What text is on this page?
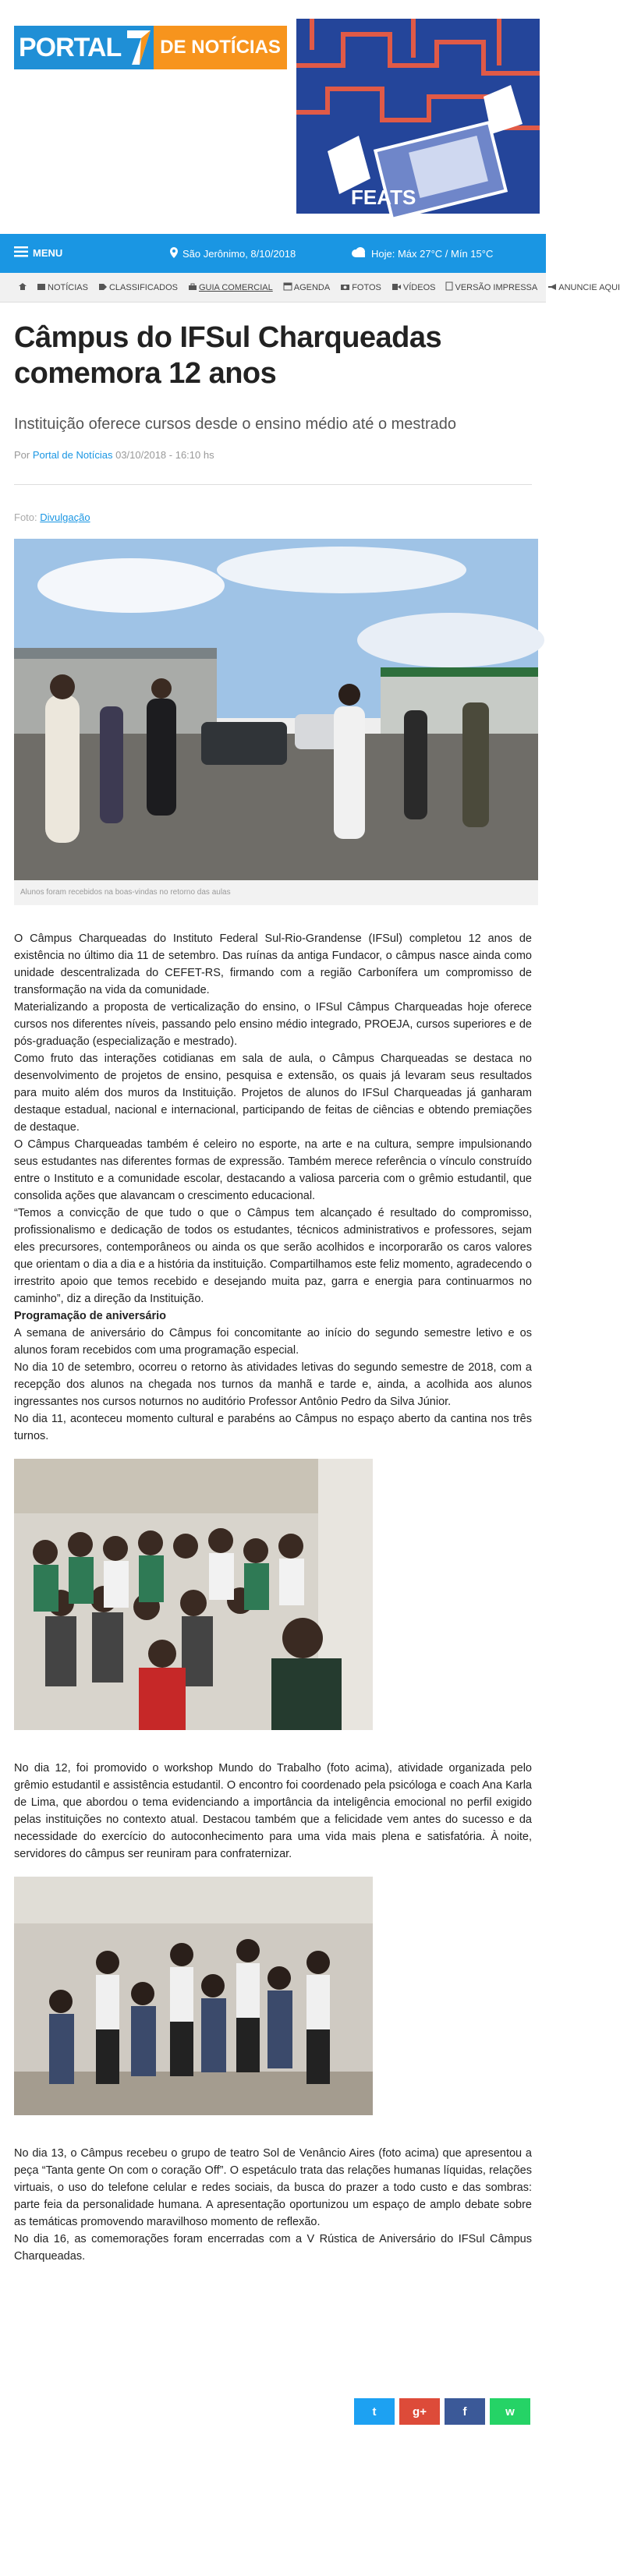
PORTAL	DE NOTÍCIAS
FEATS
MENU	São Jerônimo, 8/10/2018	Hoje: Máx 27°C / Mín 15°C
NOTÍCIAS CLASSIFICADOS GUIA COMERCIAL AGENDA	FOTOS	VÍDEOS VERSÃO IMPRESSA ANUNCIE AQUI
Câmpus do IFSul Charqueadas comemora 12 anos
Instituição oferece cursos desde o ensino médio até o mestrado
Por Portal de Notícias 03/10/2018 - 16:10 hs
Foto: Divulgação
Alunos foram recebidos na boas-vindas no retorno das aulas

O Câmpus Charqueadas do Instituto Federal Sul-Rio-Grandense (IFSul) completou 12 anos de existência no último dia 11 de setembro. Das ruínas da antiga Fundacor, o câmpus nasce ainda como unidade descentralizada do CEFET-RS, firmando com a região Carbonífera um compromisso de transformação na vida da comunidade.

Materializando a proposta de verticalização do ensino, o IFSul Câmpus Charqueadas hoje oferece cursos nos diferentes níveis, passando pelo ensino médio integrado, PROEJA, cursos superiores e de pós-graduação (especialização e mestrado).

Como fruto das interações cotidianas em sala de aula, o Câmpus Charqueadas se destaca no desenvolvimento de projetos de ensino, pesquisa e extensão, os quais já levaram seus resultados para muito além dos muros da Instituição. Projetos de alunos do IFSul Charqueadas já ganharam destaque estadual, nacional e internacional, participando de feitas de ciências e obtendo premiações de destaque.

O Câmpus Charqueadas também é celeiro no esporte, na arte e na cultura, sempre impulsionando seus estudantes nas diferentes formas de expressão. Também merece referência o vínculo construído entre o Instituto e a comunidade escolar, destacando a valiosa parceria com o grêmio estudantil, que consolida ações que alavancam o crescimento educacional.

“Temos a convicção de que tudo o que o Câmpus tem alcançado é resultado do compromisso, profissionalismo e dedicação de todos os estudantes, técnicos administrativos e professores, sejam eles precursores, contemporâneos ou ainda os que serão acolhidos e incorporarão os caros valores que orientam o dia a dia e a história da instituição. Compartilhamos este feliz momento, agradecendo o irrestrito apoio que temos recebido e desejando muita paz, garra e energia para continuarmos no caminho”, diz a direção da Instituição.

Programação de aniversário

A semana de aniversário do Câmpus foi concomitante ao início do segundo semestre letivo e os alunos foram recebidos com uma programação especial.

No dia 10 de setembro, ocorreu o retorno às atividades letivas do segundo semestre de 2018, com a recepção dos alunos na chegada nos turnos da manhã e tarde e, ainda, a acolhida aos alunos ingressantes nos cursos noturnos no auditório Professor Antônio Pedro da Silva Júnior.

No dia 11, aconteceu momento cultural e parabéns ao Câmpus no espaço aberto da cantina nos três turnos.

No dia 12, foi promovido o workshop Mundo do Trabalho (foto acima), atividade organizada pelo grêmio estudantil e assistência estudantil. O encontro foi coordenado pela psicóloga e coach Ana Karla de Lima, que abordou o tema evidenciando a importância da inteligência emocional no perfil exigido pelas instituições no contexto atual. Destacou também que a felicidade vem antes do sucesso e da necessidade do exercício do autoconhecimento para uma vida mais plena e satisfatória. À noite, servidores do câmpus ser reuniram para confraternizar.

No dia 13, o Câmpus recebeu o grupo de teatro Sol de Venâncio Aires (foto acima) que apresentou a peça “Tanta gente On com o coração Off”. O espetáculo trata das relações humanas líquidas, relações virtuais, o uso do telefone celular e redes sociais, da busca do prazer a todo custo e das sombras: parte feia da personalidade humana. A apresentação oportunizou um espaço de amplo debate sobre as temáticas promovendo maravilhoso momento de reflexão.

No dia 16, as comemorações foram encerradas com a V Rústica de Aniversário do IFSul Câmpus Charqueadas.

t	g+	f	w
